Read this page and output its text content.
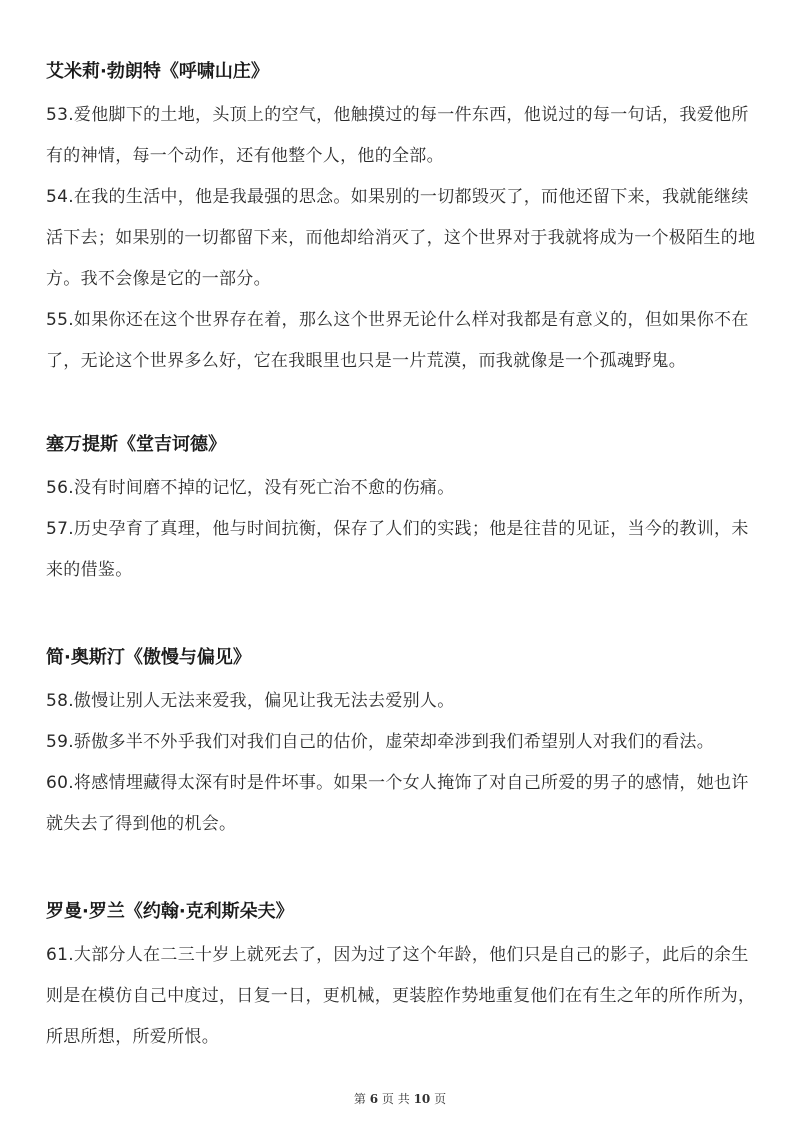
艾米莉·勃朗特《呼啸山庄》

53.爱他脚下的土地，头顶上的空气，他触摸过的每一件东西，他说过的每一句话，我爱他所有的神情，每一个动作，还有他整个人，他的全部。

54.在我的生活中，他是我最强的思念。如果别的一切都毁灭了，而他还留下来，我就能继续活下去；如果别的一切都留下来，而他却给消灭了，这个世界对于我就将成为一个极陌生的地方。我不会像是它的一部分。

55.如果你还在这个世界存在着，那么这个世界无论什么样对我都是有意义的，但如果你不在了，无论这个世界多么好，它在我眼里也只是一片荒漠，而我就像是一个孤魂野鬼。

塞万提斯《堂吉诃德》

56.没有时间磨不掉的记忆，没有死亡治不愈的伤痛。

57.历史孕育了真理，他与时间抗衡，保存了人们的实践；他是往昔的见证，当今的教训，未来的借鉴。

简·奥斯汀《傲慢与偏见》

58.傲慢让别人无法来爱我，偏见让我无法去爱别人。

59.骄傲多半不外乎我们对我们自己的估价，虚荣却牵涉到我们希望别人对我们的看法。

60.将感情埋藏得太深有时是件坏事。如果一个女人掩饰了对自己所爱的男子的感情，她也许就失去了得到他的机会。

罗曼·罗兰《约翰·克利斯朵夫》

61.大部分人在二三十岁上就死去了，因为过了这个年龄，他们只是自己的影子，此后的余生则是在模仿自己中度过，日复一日，更机械，更装腔作势地重复他们在有生之年的所作所为，所思所想，所爱所恨。

第 6 页 共 10 页
